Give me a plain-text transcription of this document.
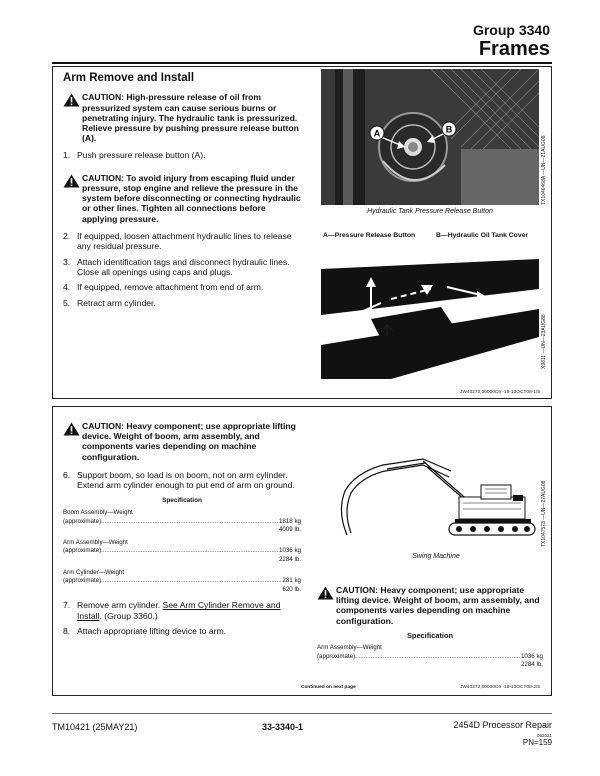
Group 3340
Frames
Arm Remove and Install
CAUTION: High-pressure release of oil from pressurized system can cause serious burns or penetrating injury. The hydraulic tank is pressurized. Relieve pressure by pushing pressure release button (A).
1. Push pressure release button (A).
CAUTION: To avoid injury from escaping fluid under pressure, stop engine and relieve the pressure in the system before disconnecting or connecting hydraulic or other lines. Tighten all connections before applying pressure.
2. If equipped, loosen attachment hydraulic lines to release any residual pressure.
3. Attach identification tags and disconnect hydraulic lines. Close all openings using caps and plugs.
4. If equipped, remove attachment from end of arm.
5. Retract arm cylinder.
A	B
TX1046468A —UN—21AUG08
Hydraulic Tank Pressure Release Button
A—Pressure Release Button	B—Hydraulic Oil Tank Cover
X9811 —UN—23AUG88
JW40272,00000C6 -19-13OCT08-1/5
CAUTION: Heavy component; use appropriate lifting device. Weight of boom, arm assembly, and components varies depending on machine configuration.
6. Support boom, so load is on boom, not on arm cylinder. Extend arm cylinder enough to put end of arm on ground.
Specification
Boom Assembly—Weight
(approximate) .....	1818 kg
4009 lb.
Arm Assembly—Weight
(approximate) .....	1036 kg
2284 lb.
Arm Cylinder—Weight
(approximate) .....	281 kg
620 lb.
7. Remove arm cylinder. See Arm Cylinder Remove and Install. (Group 3360.)
8. Attach appropriate lifting device to arm.
TX1047573 —UN—27AUG08
Swing Machine
CAUTION: Heavy component; use appropriate lifting device. Weight of boom, arm assembly, and components varies depending on machine configuration.
Specification
Arm Assembly—Weight
(approximate) .....	1036 kg
2284 lb.
Continued on next page	JW40272,00000C6 -19-13OCT08-2/5
TM10421 (25MAY21)	33-3340-1	2454D Processor Repair
052021
PN=159
